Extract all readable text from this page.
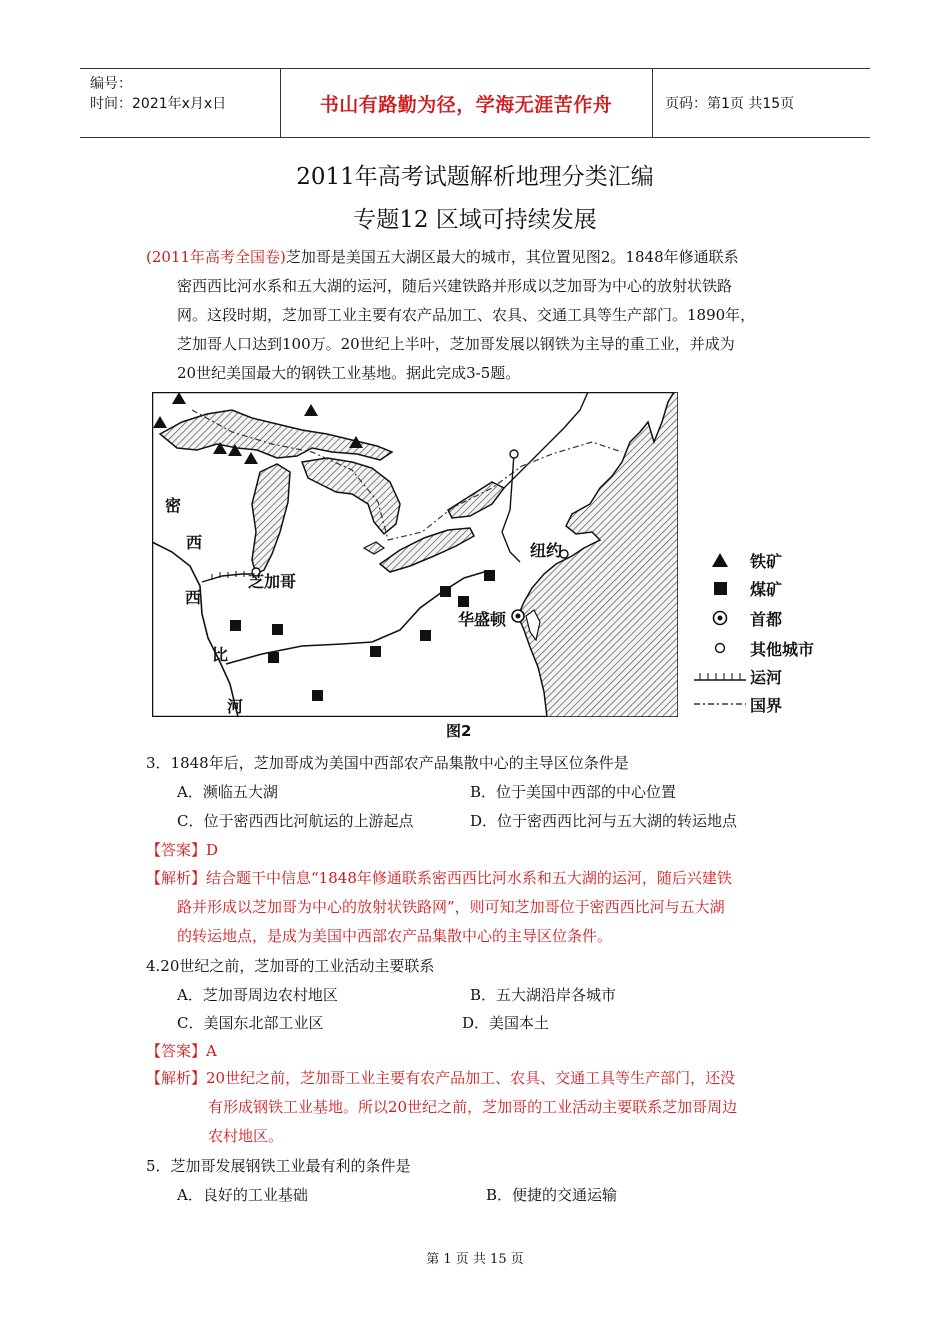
编号：
时间：2021年x月x日	书山有路勤为径，学海无涯苦作舟	页码：第1页 共15页
2011年高考试题解析地理分类汇编
专题12 区域可持续发展
(2011年高考全国卷)芝加哥是美国五大湖区最大的城市，其位置见图2。1848年修通联系
密西西比河水系和五大湖的运河，随后兴建铁路并形成以芝加哥为中心的放射状铁路
网。这段时期，芝加哥工业主要有农产品加工、农具、交通工具等生产部门。1890年，
芝加哥人口达到100万。20世纪上半叶，芝加哥发展以钢铁为主导的重工业，并成为
20世纪美国最大的钢铁工业基地。据此完成3-5题。
密
西
西
比
河
芝加哥
纽约
华盛顿
铁矿
煤矿
首都
其他城市
运河
国界
图2
3．1848年后，芝加哥成为美国中西部农产品集散中心的主导区位条件是
A．濒临五大湖	B．位于美国中西部的中心位置
C．位于密西西比河航运的上游起点	D．位于密西西比河与五大湖的转运地点
【答案】D
【解析】结合题干中信息“1848年修通联系密西西比河水系和五大湖的运河，随后兴建铁
路并形成以芝加哥为中心的放射状铁路网”，则可知芝加哥位于密西西比河与五大湖
的转运地点，是成为美国中西部农产品集散中心的主导区位条件。
4.20世纪之前，芝加哥的工业活动主要联系
A．芝加哥周边农村地区	B．五大湖沿岸各城市
C．美国东北部工业区	D．美国本土
【答案】A
【解析】20世纪之前，芝加哥工业主要有农产品加工、农具、交通工具等生产部门，还没
有形成钢铁工业基地。所以20世纪之前，芝加哥的工业活动主要联系芝加哥周边
农村地区。
5．芝加哥发展钢铁工业最有利的条件是
A．良好的工业基础	B．便捷的交通运输
第 1 页 共 15 页
